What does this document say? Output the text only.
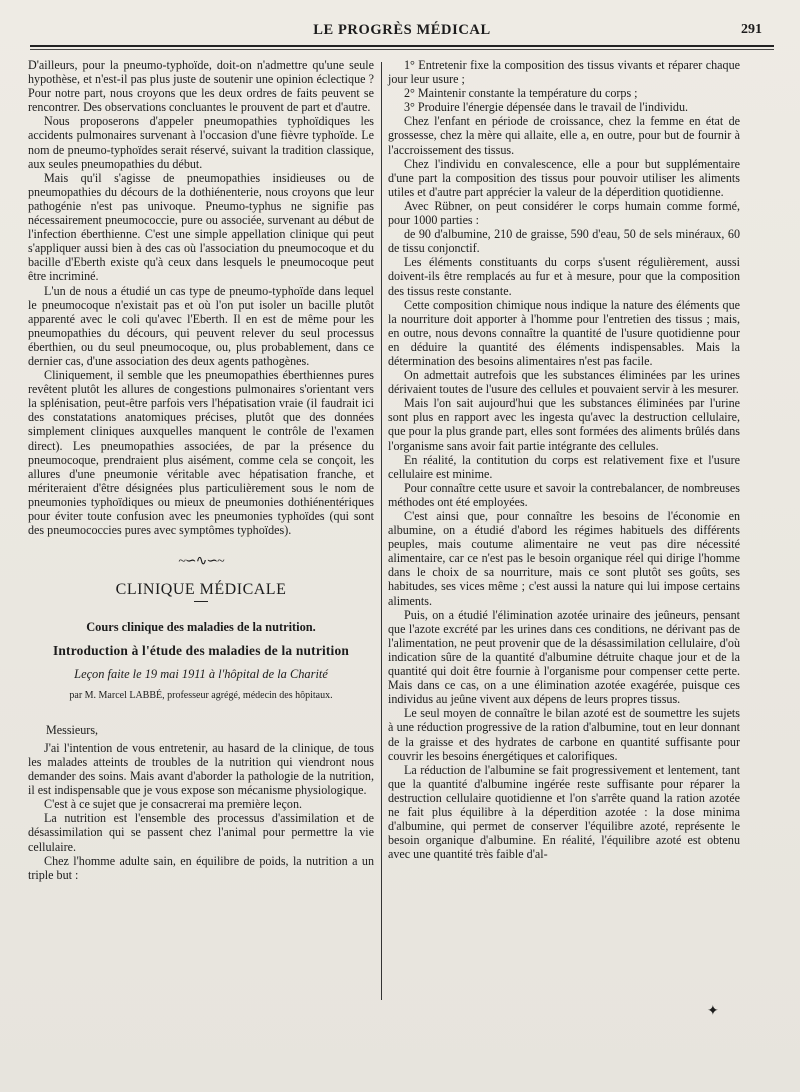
LE PROGRÈS MÉDICAL	291

D'ailleurs, pour la pneumo-typhoïde, doit-on n'admettre qu'une seule hypothèse, et n'est-il pas plus juste de soutenir une opinion éclectique ? Pour notre part, nous croyons que les deux ordres de faits peuvent se rencontrer. Des observations concluantes le prouvent de part et d'autre.

Nous proposerons d'appeler pneumopathies typhoïdiques les accidents pulmonaires survenant à l'occasion d'une fièvre typhoïde. Le nom de pneumo-typhoïdes serait réservé, suivant la tradition classique, aux seules pneumopathies du début.

Mais qu'il s'agisse de pneumopathies insidieuses ou de pneumopathies du décours de la dothiénenterie, nous croyons que leur pathogénie n'est pas univoque. Pneumo-typhus ne signifie pas nécessairement pneumococcie, pure ou associée, survenant au début de l'infection éberthienne. C'est une simple appellation clinique qui peut s'appliquer aussi bien à des cas où l'association du pneumocoque et du bacille d'Eberth existe qu'à ceux dans lesquels le pneumocoque peut être incriminé.

L'un de nous a étudié un cas type de pneumo-typhoïde dans lequel le pneumocoque n'existait pas et où l'on put isoler un bacille plutôt apparenté avec le coli qu'avec l'Eberth. Il en est de même pour les pneumopathies du décours, qui peuvent relever du seul processus éberthien, ou du seul pneumocoque, ou, plus probablement, dans ce dernier cas, d'une association des deux agents pathogènes.

Cliniquement, il semble que les pneumopathies éberthiennes pures revêtent plutôt les allures de congestions pulmonaires s'orientant vers la splénisation, peut-être parfois vers l'hépatisation vraie (il faudrait ici des constatations anatomiques précises, plutôt que des données simplement cliniques auxquelles manquent le contrôle de l'examen direct). Les pneumopathies associées, de par la présence du pneumocoque, prendraient plus aisément, comme cela se conçoit, les allures d'une pneumonie véritable avec hépatisation franche, et mériteraient d'être désignées plus particulièrement sous le nom de pneumonies typhoïdiques ou mieux de pneumonies dothiénentériques pour éviter toute confusion avec les pneumonies typhoïdes (qui sont des pneumococcies pures avec symptômes typhoïdes).

~∽∿∽~
CLINIQUE MÉDICALE
Cours clinique des maladies de la nutrition.
Introduction à l'étude des maladies de la nutrition
Leçon faite le 19 mai 1911 à l'hôpital de la Charité
par M. Marcel LABBÉ, professeur agrégé, médecin des hôpitaux.

Messieurs,

J'ai l'intention de vous entretenir, au hasard de la clinique, de tous les malades atteints de troubles de la nutrition qui viendront nous demander des soins. Mais avant d'aborder la pathologie de la nutrition, il est indispensable que je vous expose son mécanisme physiologique.

C'est à ce sujet que je consacrerai ma première leçon.

La nutrition est l'ensemble des processus d'assimilation et de désassimilation qui se passent chez l'animal pour permettre la vie cellulaire.

Chez l'homme adulte sain, en équilibre de poids, la nutrition a un triple but :

1° Entretenir fixe la composition des tissus vivants et réparer chaque jour leur usure ;

2° Maintenir constante la température du corps ;

3° Produire l'énergie dépensée dans le travail de l'individu.

Chez l'enfant en période de croissance, chez la femme en état de grossesse, chez la mère qui allaite, elle a, en outre, pour but de fournir à l'accroissement des tissus.

Chez l'individu en convalescence, elle a pour but supplémentaire d'une part la composition des tissus pour pouvoir utiliser les aliments utiles et d'autre part apprécier la valeur de la déperdition quotidienne.

Avec Rübner, on peut considérer le corps humain comme formé, pour 1000 parties :

de 90 d'albumine, 210 de graisse, 590 d'eau, 50 de sels minéraux, 60 de tissu conjonctif.

Les éléments constituants du corps s'usent régulièrement, aussi doivent-ils être remplacés au fur et à mesure, pour que la composition des tissus reste constante.

Cette composition chimique nous indique la nature des éléments que la nourriture doit apporter à l'homme pour l'entretien des tissus ; mais, en outre, nous devons connaître la quantité de l'usure quotidienne pour en déduire la quantité des éléments indispensables. Mais la détermination des besoins alimentaires n'est pas facile.

On admettait autrefois que les substances éliminées par les urines dérivaient toutes de l'usure des cellules et pouvaient servir à les mesurer.

Mais l'on sait aujourd'hui que les substances éliminées par l'urine sont plus en rapport avec les ingesta qu'avec la destruction cellulaire, que pour la plus grande part, elles sont formées des aliments brûlés dans l'organisme sans avoir fait partie intégrante des cellules.

En réalité, la contitution du corps est relativement fixe et l'usure cellulaire est minime.

Pour connaître cette usure et savoir la contrebalancer, de nombreuses méthodes ont été employées.

C'est ainsi que, pour connaître les besoins de l'économie en albumine, on a étudié d'abord les régimes habituels des différents peuples, mais coutume alimentaire ne veut pas dire nécessité alimentaire, car ce n'est pas le besoin organique réel qui dirige l'homme dans le choix de sa nourriture, mais ce sont plutôt ses goûts, ses habitudes, ses vices même ; c'est aussi la nature qui lui impose certains aliments.

Puis, on a étudié l'élimination azotée urinaire des jeûneurs, pensant que l'azote excrété par les urines dans ces conditions, ne dérivant pas de l'alimentation, ne peut provenir que de la désassimilation cellulaire, d'où indication sûre de la quantité d'albumine détruite chaque jour et de la quantité qui doit être fournie à l'organisme pour compenser cette perte. Mais dans ce cas, on a une élimination azotée exagérée, puisque ces individus au jeûne vivent aux dépens de leurs propres tissus.

Le seul moyen de connaître le bilan azoté est de soumettre les sujets à une réduction progressive de la ration d'albumine, tout en leur donnant de la graisse et des hydrates de carbone en quantité suffisante pour couvrir les besoins énergétiques et calorifiques.

La réduction de l'albumine se fait progressivement et lentement, tant que la quantité d'albumine ingérée reste suffisante pour réparer la destruction cellulaire quotidienne et l'on s'arrête quand la ration azotée ne fait plus équilibre à la déperdition azotée : la dose minima d'albumine, qui permet de conserver l'équilibre azoté, représente le besoin organique d'albumine. En réalité, l'équilibre azoté est obtenu avec une quantité très faible d'al-

✦
